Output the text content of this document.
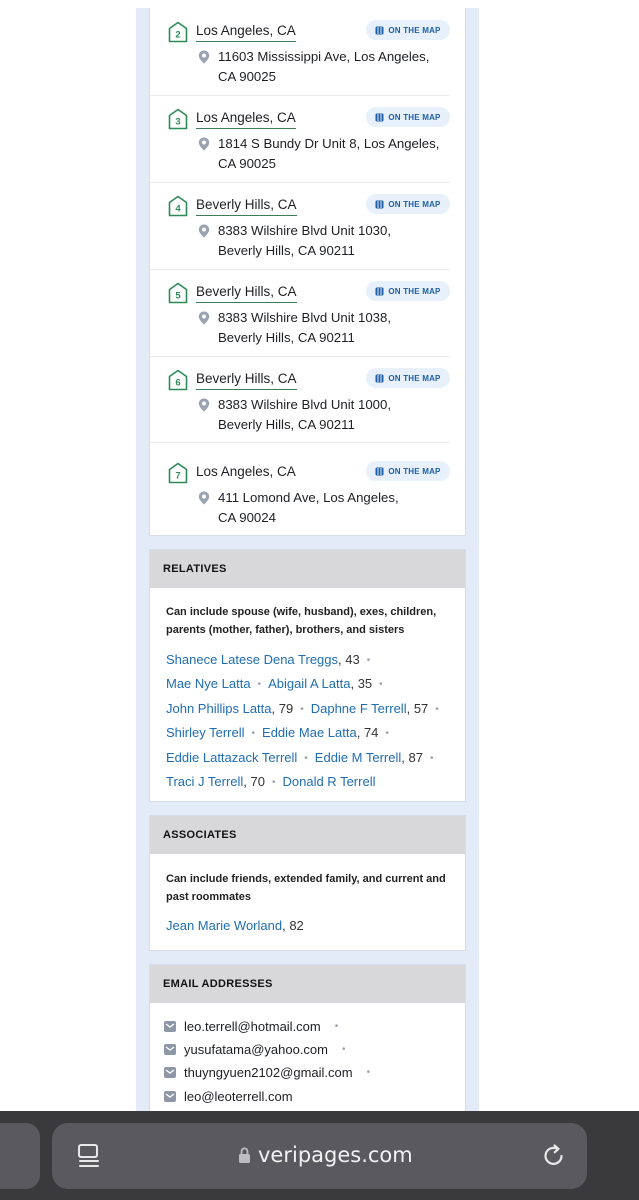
2 Los Angeles, CA	ON THE MAP
11603 Mississippi Ave, Los Angeles,
CA 90025
3 Los Angeles, CA	ON THE MAP
1814 S Bundy Dr Unit 8, Los Angeles,
CA 90025
4 Beverly Hills, CA	ON THE MAP
8383 Wilshire Blvd Unit 1030,
Beverly Hills, CA 90211
5 Beverly Hills, CA	ON THE MAP
8383 Wilshire Blvd Unit 1038,
Beverly Hills, CA 90211
6 Beverly Hills, CA	ON THE MAP
8383 Wilshire Blvd Unit 1000,
Beverly Hills, CA 90211
7 Los Angeles, CA	ON THE MAP
411 Lomond Ave, Los Angeles,
CA 90024
RELATIVES
Can include spouse (wife, husband), exes, children, parents (mother, father), brothers, and sisters
Shanece Latese Dena Treggs, 43 •
Mae Nye Latta • Abigail A Latta, 35 •
John Phillips Latta, 79 • Daphne F Terrell, 57 •
Shirley Terrell • Eddie Mae Latta, 74 •
Eddie Lattazack Terrell • Eddie M Terrell, 87 •
Traci J Terrell, 70 • Donald R Terrell
ASSOCIATES
Can include friends, extended family, and current and past roommates
Jean Marie Worland, 82
EMAIL ADDRESSES
leo.terrell@hotmail.com •
yusufatama@yahoo.com •
thuyngyuen2102@gmail.com •
leo@leoterrell.com
veripages.com
